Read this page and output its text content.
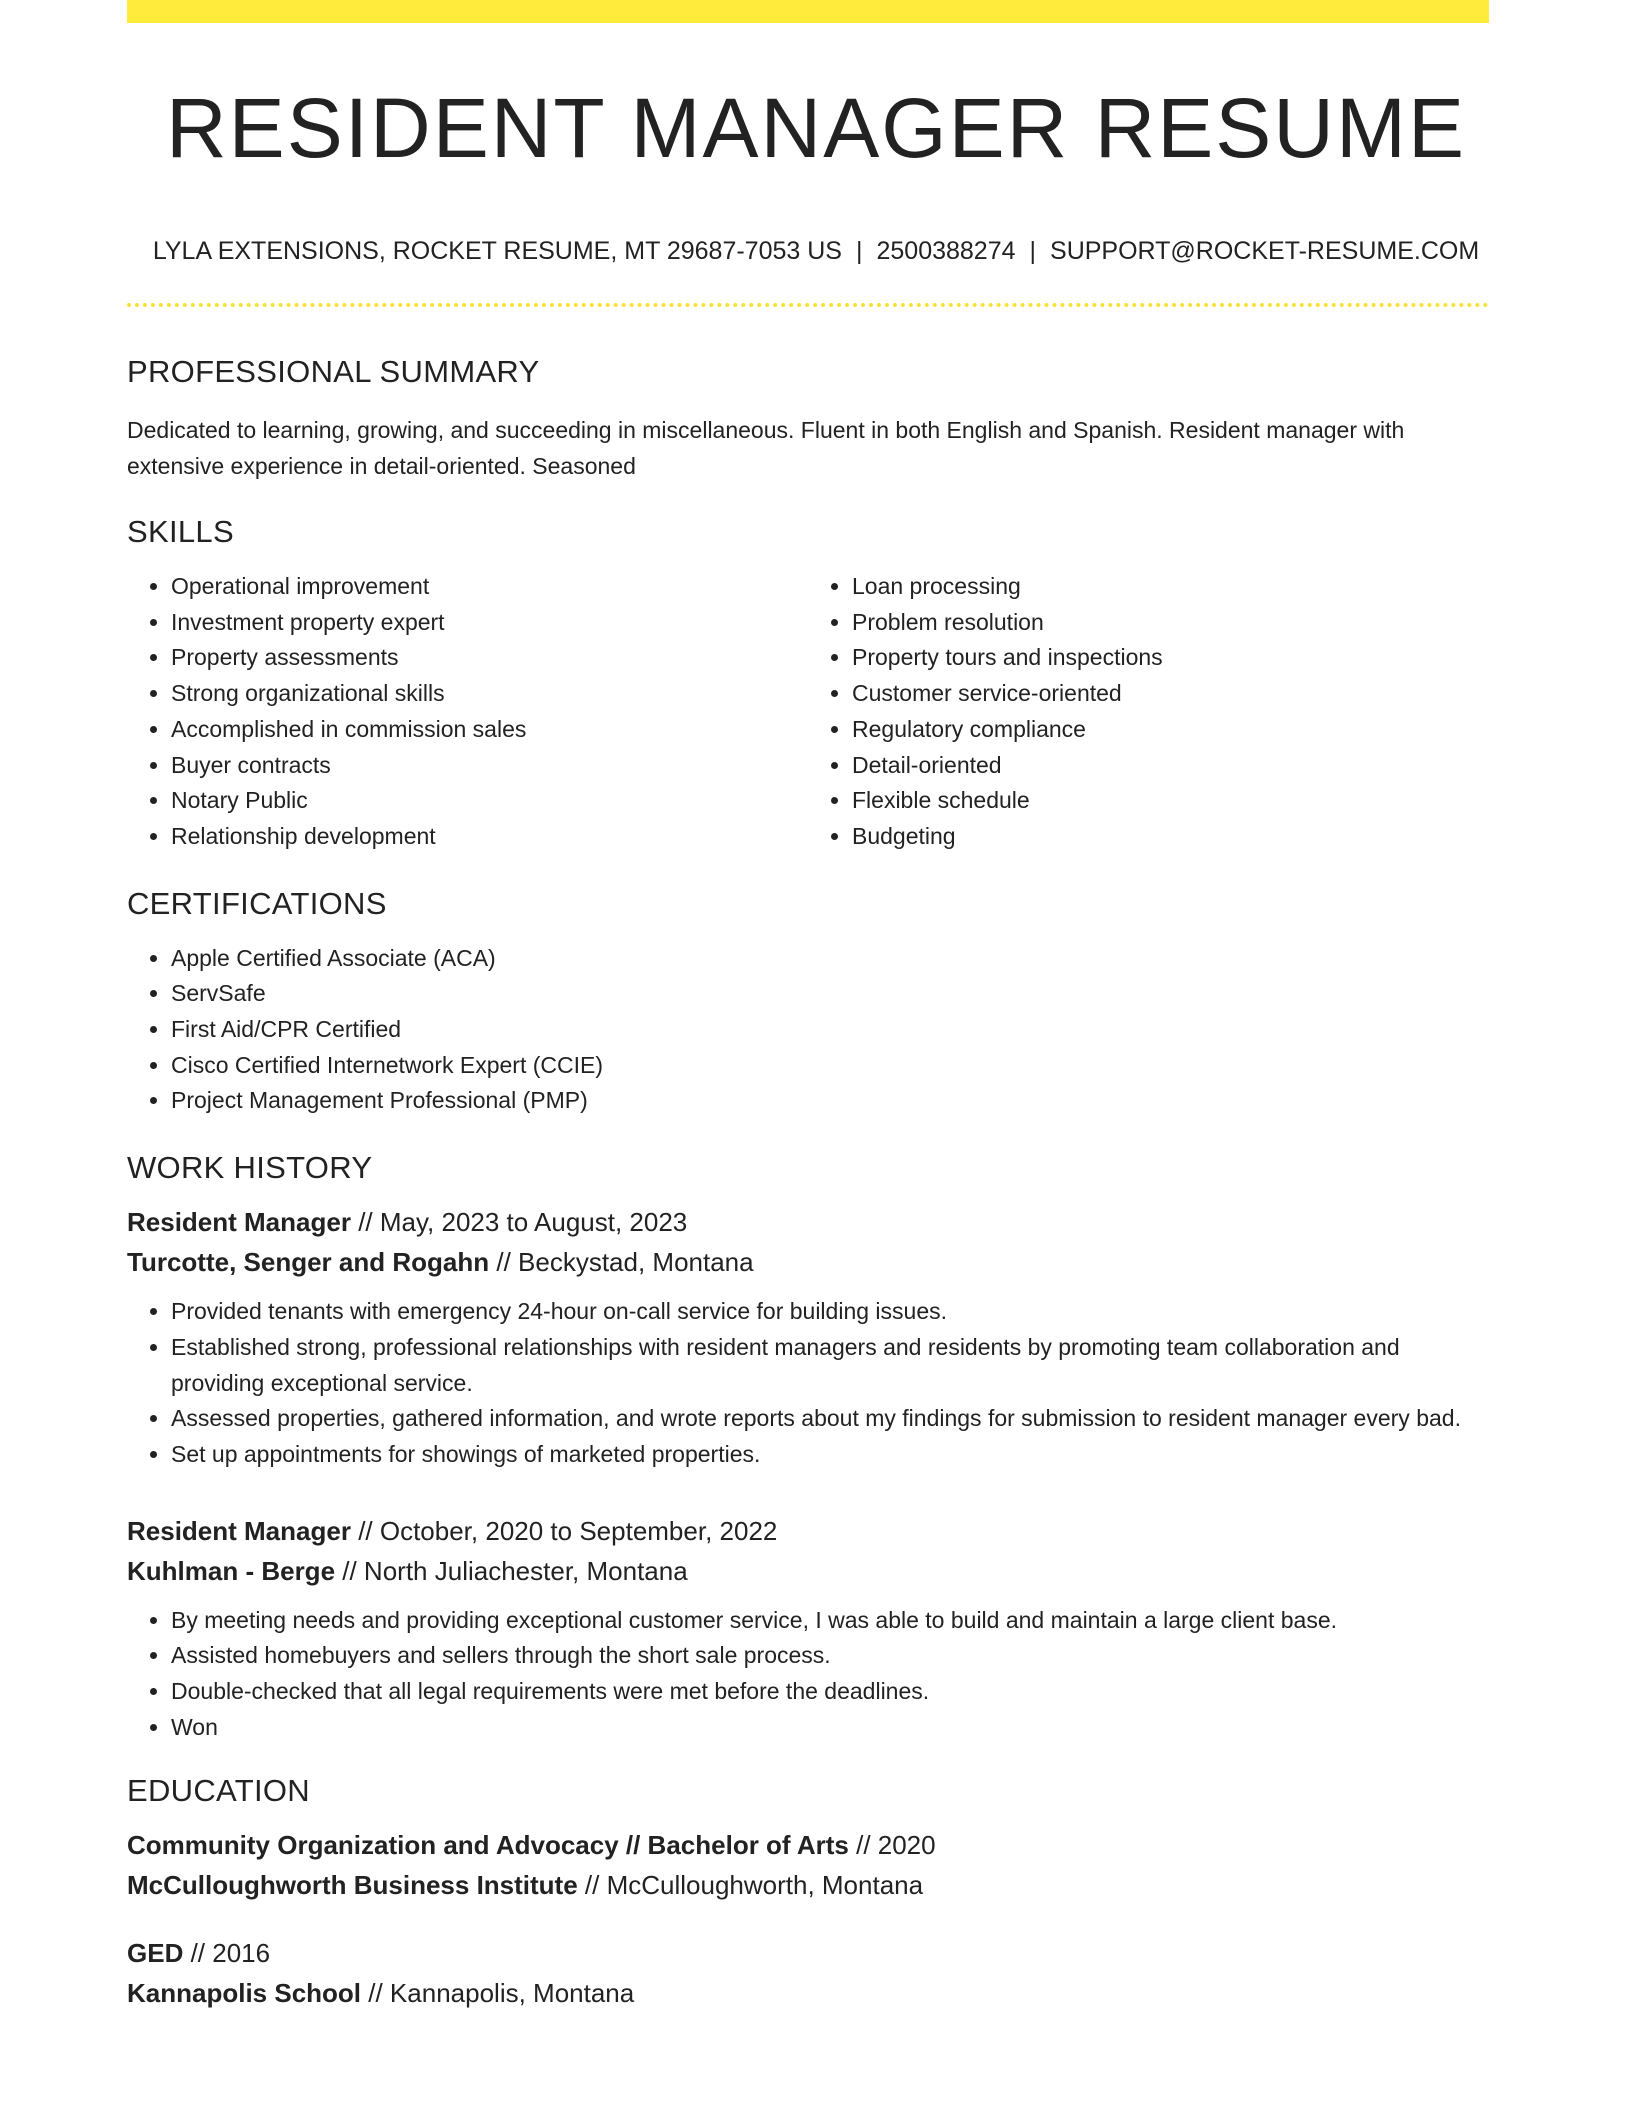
RESIDENT MANAGER RESUME
LYLA EXTENSIONS, ROCKET RESUME, MT 29687-7053 US | 2500388274 | SUPPORT@ROCKET-RESUME.COM
PROFESSIONAL SUMMARY

Dedicated to learning, growing, and succeeding in miscellaneous. Fluent in both English and Spanish. Resident manager with extensive experience in detail-oriented. Seasoned

SKILLS
• Operational improvement
• Investment property expert
• Property assessments
• Strong organizational skills
• Accomplished in commission sales
• Buyer contracts
• Notary Public
• Relationship development
• Loan processing
• Problem resolution
• Property tours and inspections
• Customer service-oriented
• Regulatory compliance
• Detail-oriented
• Flexible schedule
• Budgeting
CERTIFICATIONS
• Apple Certified Associate (ACA)
• ServSafe
• First Aid/CPR Certified
• Cisco Certified Internetwork Expert (CCIE)
• Project Management Professional (PMP)
WORK HISTORY
Resident Manager // May, 2023 to August, 2023
Turcotte, Senger and Rogahn // Beckystad, Montana
• Provided tenants with emergency 24-hour on-call service for building issues.
• Established strong, professional relationships with resident managers and residents by promoting team collaboration and providing exceptional service.
• Assessed properties, gathered information, and wrote reports about my findings for submission to resident manager every bad.
• Set up appointments for showings of marketed properties.
Resident Manager // October, 2020 to September, 2022
Kuhlman - Berge // North Juliachester, Montana
• By meeting needs and providing exceptional customer service, I was able to build and maintain a large client base.
• Assisted homebuyers and sellers through the short sale process.
• Double-checked that all legal requirements were met before the deadlines.
• Won
EDUCATION
Community Organization and Advocacy // Bachelor of Arts // 2020
McCulloughworth Business Institute // McCulloughworth, Montana
GED // 2016
Kannapolis School // Kannapolis, Montana
